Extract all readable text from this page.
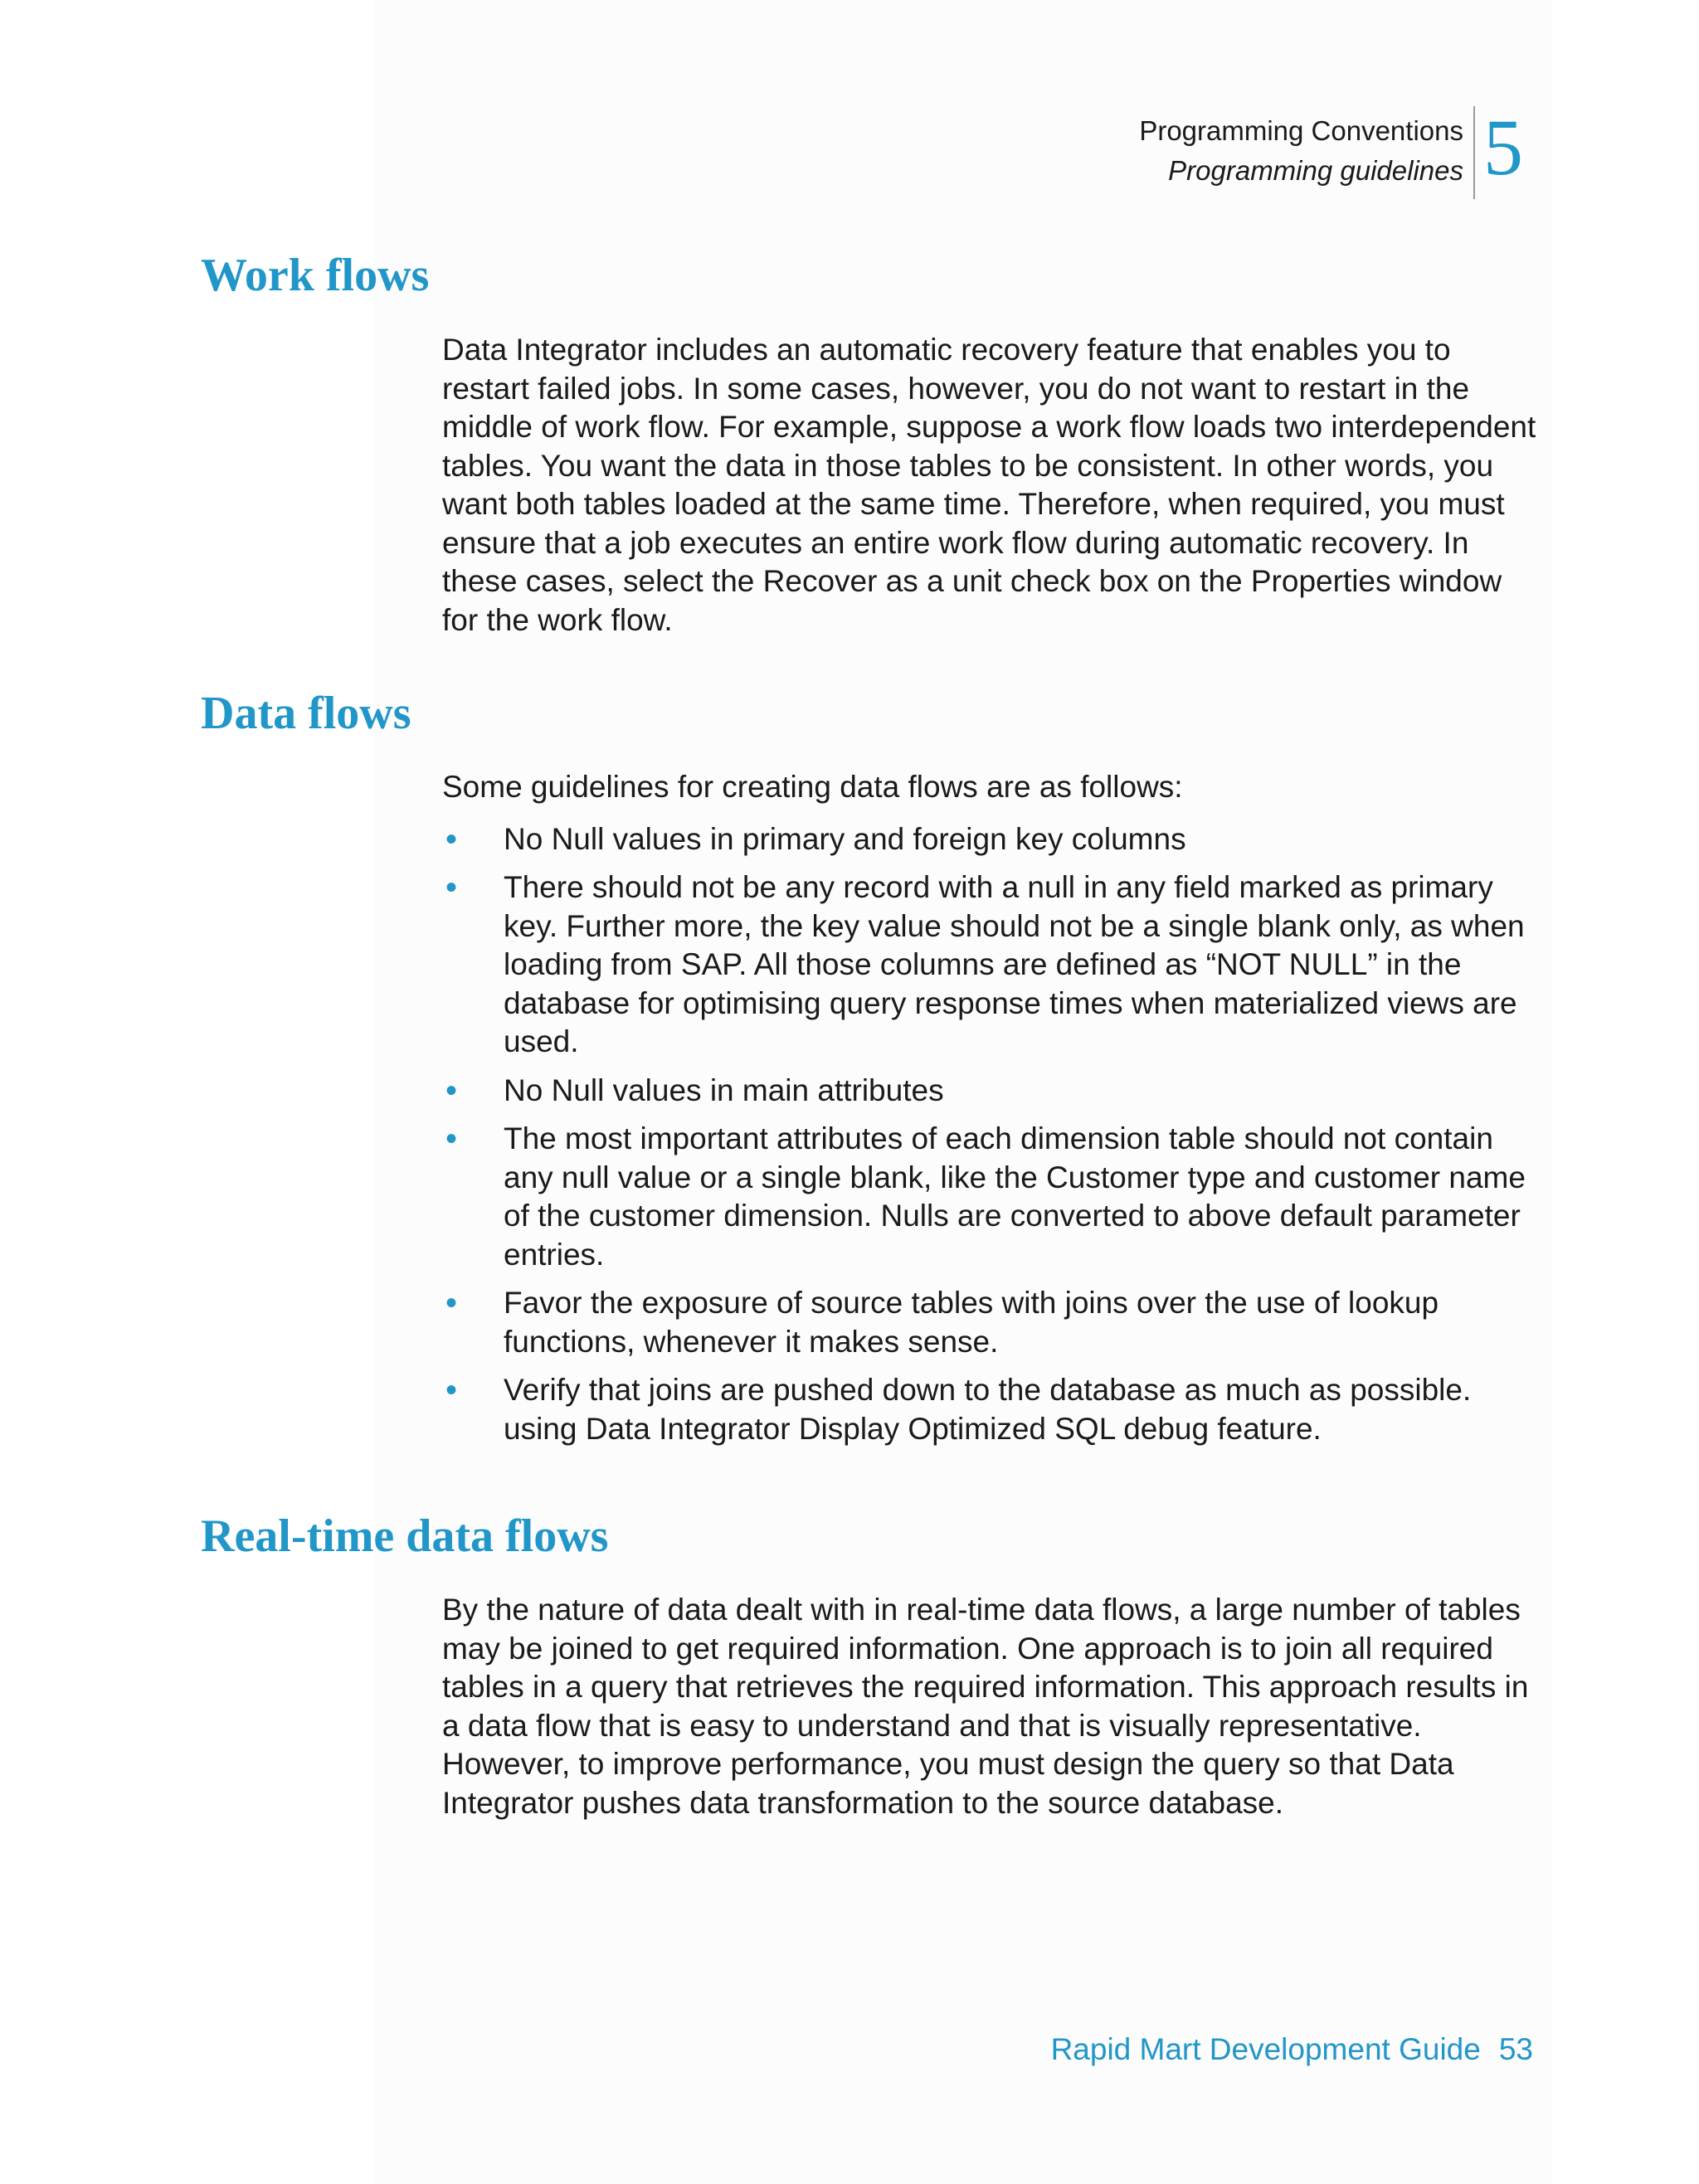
Programming Conventions
Programming guidelines 5
Work flows

Data Integrator includes an automatic recovery feature that enables you to restart failed jobs. In some cases, however, you do not want to restart in the middle of work flow. For example, suppose a work flow loads two interdependent tables. You want the data in those tables to be consistent. In other words, you want both tables loaded at the same time. Therefore, when required, you must ensure that a job executes an entire work flow during automatic recovery. In these cases, select the Recover as a unit check box on the Properties window for the work flow.

Data flows

Some guidelines for creating data flows are as follows:

• No Null values in primary and foreign key columns
• There should not be any record with a null in any field marked as primary key. Further more, the key value should not be a single blank only, as when loading from SAP. All those columns are defined as “NOT NULL” in the database for optimising query response times when materialized views are used.
• No Null values in main attributes
• The most important attributes of each dimension table should not contain any null value or a single blank, like the Customer type and customer name of the customer dimension. Nulls are converted to above default parameter entries.
• Favor the exposure of source tables with joins over the use of lookup functions, whenever it makes sense.
• Verify that joins are pushed down to the database as much as possible. using Data Integrator Display Optimized SQL debug feature.
Real-time data flows

By the nature of data dealt with in real-time data flows, a large number of tables may be joined to get required information. One approach is to join all required tables in a query that retrieves the required information. This approach results in a data flow that is easy to understand and that is visually representative. However, to improve performance, you must design the query so that Data Integrator pushes data transformation to the source database.

Rapid Mart Development Guide 53
